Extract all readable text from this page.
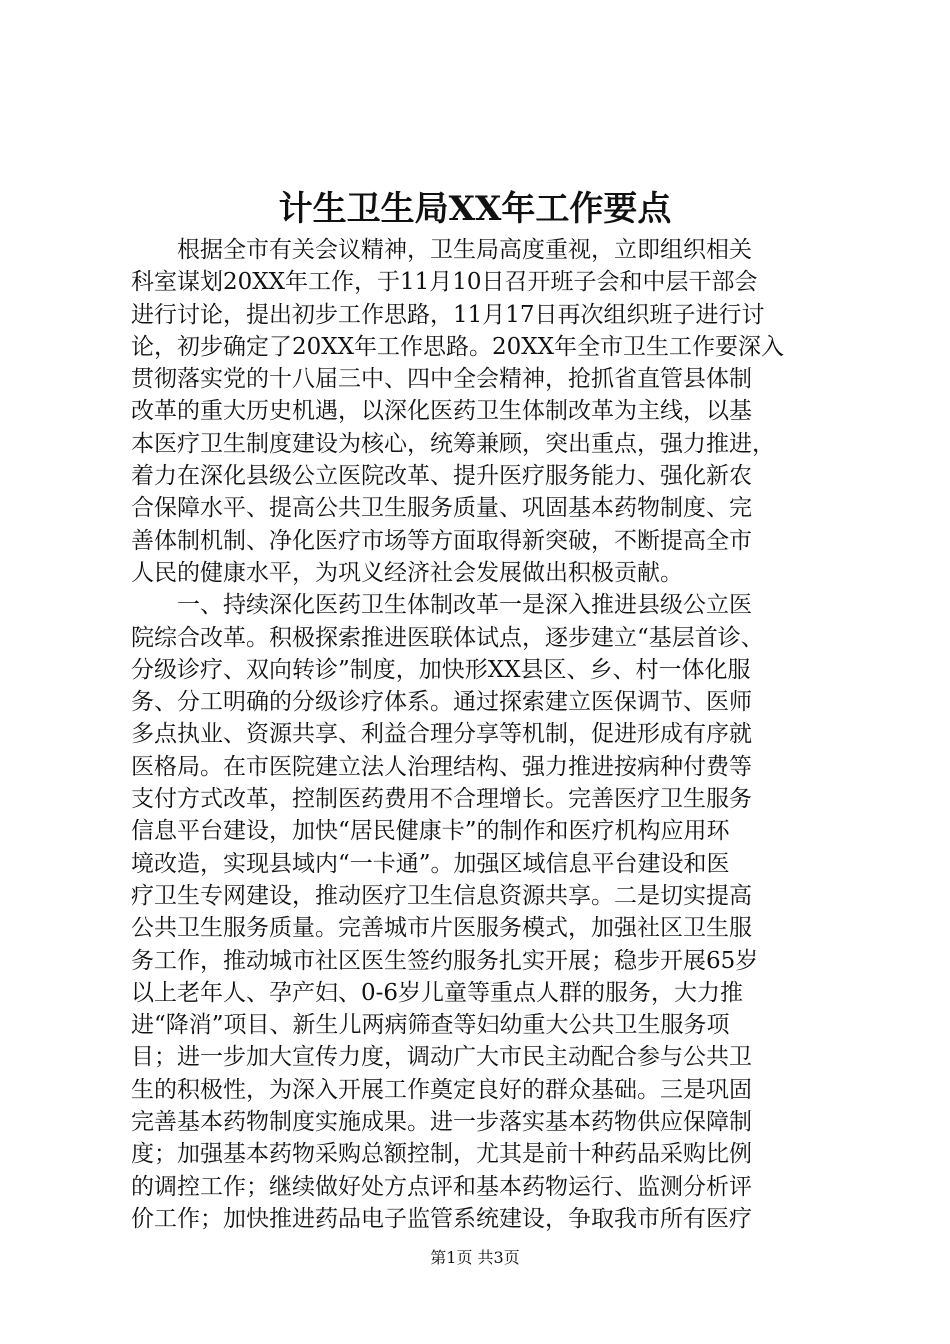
计生卫生局XX年工作要点
　　根据全市有关会议精神，卫生局高度重视，立即组织相关
科室谋划20XX年工作，于11月10日召开班子会和中层干部会
进行讨论，提出初步工作思路，11月17日再次组织班子进行讨
论，初步确定了20XX年工作思路。20XX年全市卫生工作要深入
贯彻落实党的十八届三中、四中全会精神，抢抓省直管县体制
改革的重大历史机遇，以深化医药卫生体制改革为主线，以基
本医疗卫生制度建设为核心，统筹兼顾，突出重点，强力推进，
着力在深化县级公立医院改革、提升医疗服务能力、强化新农
合保障水平、提高公共卫生服务质量、巩固基本药物制度、完
善体制机制、净化医疗市场等方面取得新突破，不断提高全市
人民的健康水平，为巩义经济社会发展做出积极贡献。
　　一、持续深化医药卫生体制改革一是深入推进县级公立医
院综合改革。积极探索推进医联体试点，逐步建立“基层首诊、
分级诊疗、双向转诊”制度，加快形XX县区、乡、村一体化服
务、分工明确的分级诊疗体系。通过探索建立医保调节、医师
多点执业、资源共享、利益合理分享等机制，促进形成有序就
医格局。在市医院建立法人治理结构、强力推进按病种付费等
支付方式改革，控制医药费用不合理增长。完善医疗卫生服务
信息平台建设，加快“居民健康卡”的制作和医疗机构应用环
境改造，实现县域内“一卡通”。加强区域信息平台建设和医
疗卫生专网建设，推动医疗卫生信息资源共享。二是切实提高
公共卫生服务质量。完善城市片医服务模式，加强社区卫生服
务工作，推动城市社区医生签约服务扎实开展；稳步开展65岁
以上老年人、孕产妇、0-6岁儿童等重点人群的服务，大力推
进“降消”项目、新生儿两病筛查等妇幼重大公共卫生服务项
目；进一步加大宣传力度，调动广大市民主动配合参与公共卫
生的积极性，为深入开展工作奠定良好的群众基础。三是巩固
完善基本药物制度实施成果。进一步落实基本药物供应保障制
度；加强基本药物采购总额控制，尤其是前十种药品采购比例
的调控工作；继续做好处方点评和基本药物运行、监测分析评
价工作；加快推进药品电子监管系统建设，争取我市所有医疗
第1页 共3页
